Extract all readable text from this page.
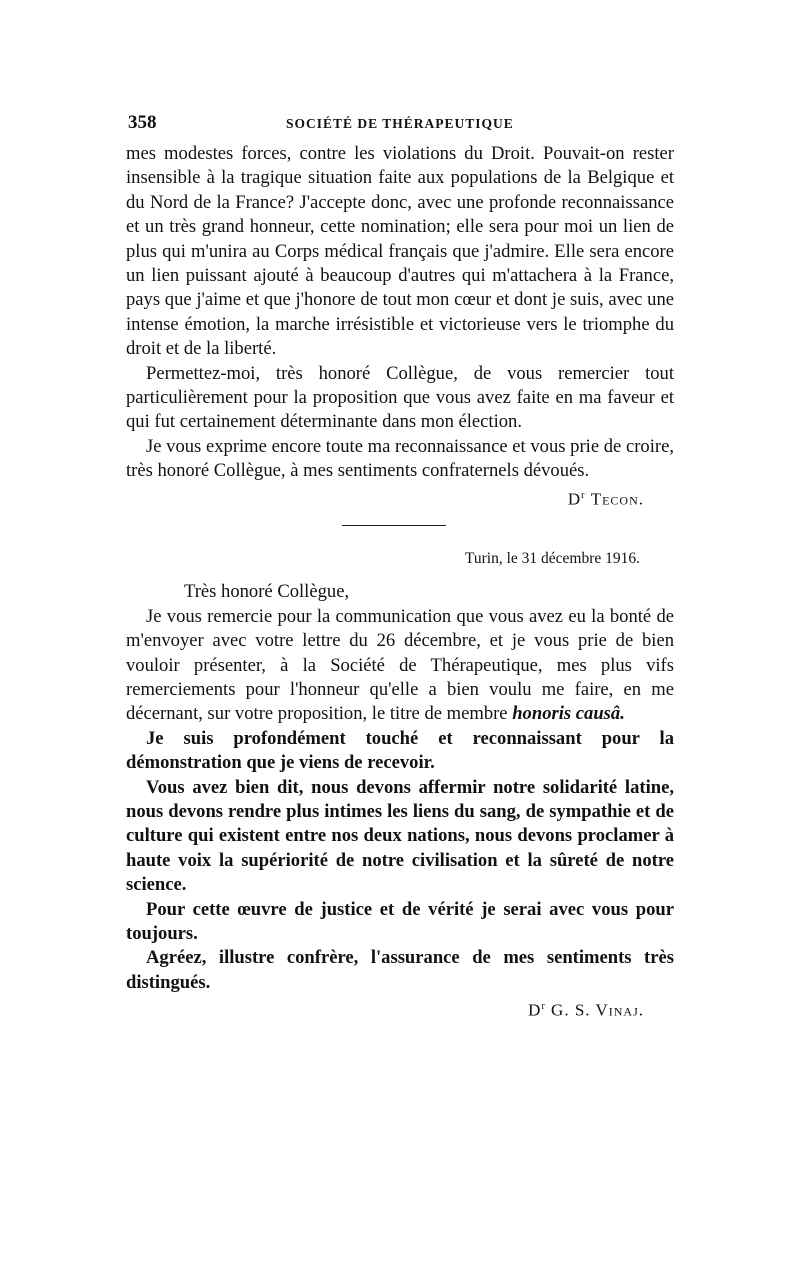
358	SOCIÉTÉ DE THÉRAPEUTIQUE

mes modestes forces, contre les violations du Droit. Pouvait-on rester insensible à la tragique situation faite aux populations de la Belgique et du Nord de la France? J'accepte donc, avec une profonde reconnaissance et un très grand honneur, cette nomination; elle sera pour moi un lien de plus qui m'unira au Corps médical français que j'admire. Elle sera encore un lien puissant ajouté à beaucoup d'autres qui m'attachera à la France, pays que j'aime et que j'honore de tout mon cœur et dont je suis, avec une intense émotion, la marche irrésistible et victorieuse vers le triomphe du droit et de la liberté.

Permettez-moi, très honoré Collègue, de vous remercier tout particulièrement pour la proposition que vous avez faite en ma faveur et qui fut certainement déterminante dans mon élection.

Je vous exprime encore toute ma reconnaissance et vous prie de croire, très honoré Collègue, à mes sentiments confraternels dévoués.

$D^r$ Tecon.
Turin, le 31 décembre 1916.
Très honoré Collègue,

Je vous remercie pour la communication que vous avez eu la bonté de m'envoyer avec votre lettre du 26 décembre, et je vous prie de bien vouloir présenter, à la Société de Thérapeutique, mes plus vifs remerciements pour l'honneur qu'elle a bien voulu me faire, en me décernant, sur votre proposition, le titre de membre honoris causâ.

Je suis profondément touché et reconnaissant pour la démonstration que je viens de recevoir.

Vous avez bien dit, nous devons affermir notre solidarité latine, nous devons rendre plus intimes les liens du sang, de sympathie et de culture qui existent entre nos deux nations, nous devons proclamer à haute voix la supériorité de notre civilisation et la sûreté de notre science.

Pour cette œuvre de justice et de vérité je serai avec vous pour toujours.

Agréez, illustre confrère, l'assurance de mes sentiments très distingués.

$D^r$ G. S. Vinaj.
